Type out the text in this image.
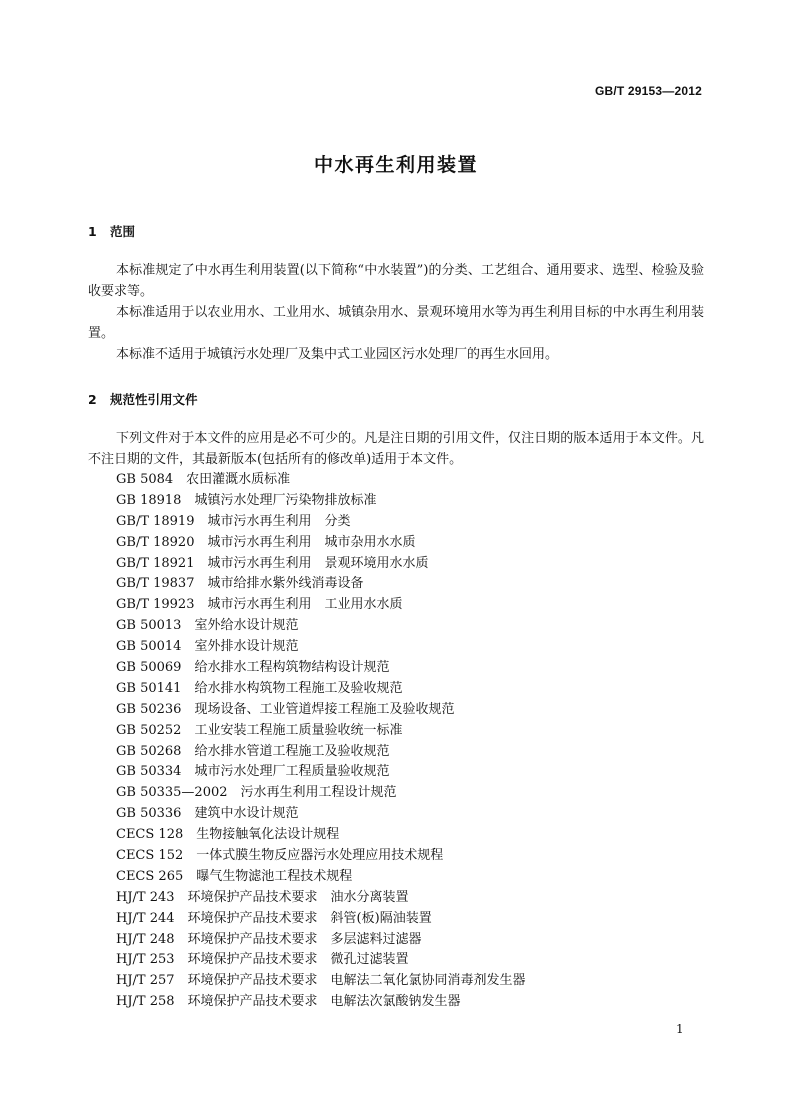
GB/T 29153—2012
中水再生利用装置
1 范围

本标准规定了中水再生利用装置(以下简称“中水装置”)的分类、工艺组合、通用要求、选型、检验及验收要求等。

本标准适用于以农业用水、工业用水、城镇杂用水、景观环境用水等为再生利用目标的中水再生利用装置。

本标准不适用于城镇污水处理厂及集中式工业园区污水处理厂的再生水回用。

2 规范性引用文件

下列文件对于本文件的应用是必不可少的。凡是注日期的引用文件，仅注日期的版本适用于本文件。凡不注日期的文件，其最新版本(包括所有的修改单)适用于本文件。

GB 5084 农田灌溉水质标准
GB 18918 城镇污水处理厂污染物排放标准
GB/T 18919 城市污水再生利用　分类
GB/T 18920 城市污水再生利用　城市杂用水水质
GB/T 18921 城市污水再生利用　景观环境用水水质
GB/T 19837 城市给排水紫外线消毒设备
GB/T 19923 城市污水再生利用　工业用水水质
GB 50013 室外给水设计规范
GB 50014 室外排水设计规范
GB 50069 给水排水工程构筑物结构设计规范
GB 50141 给水排水构筑物工程施工及验收规范
GB 50236 现场设备、工业管道焊接工程施工及验收规范
GB 50252 工业安装工程施工质量验收统一标准
GB 50268 给水排水管道工程施工及验收规范
GB 50334 城市污水处理厂工程质量验收规范
GB 50335—2002 污水再生利用工程设计规范
GB 50336 建筑中水设计规范
CECS 128 生物接触氧化法设计规程
CECS 152 一体式膜生物反应器污水处理应用技术规程
CECS 265 曝气生物滤池工程技术规程
HJ/T 243 环境保护产品技术要求　油水分离装置
HJ/T 244 环境保护产品技术要求　斜管(板)隔油装置
HJ/T 248 环境保护产品技术要求　多层滤料过滤器
HJ/T 253 环境保护产品技术要求　微孔过滤装置
HJ/T 257 环境保护产品技术要求　电解法二氧化氯协同消毒剂发生器
HJ/T 258 环境保护产品技术要求　电解法次氯酸钠发生器
1
